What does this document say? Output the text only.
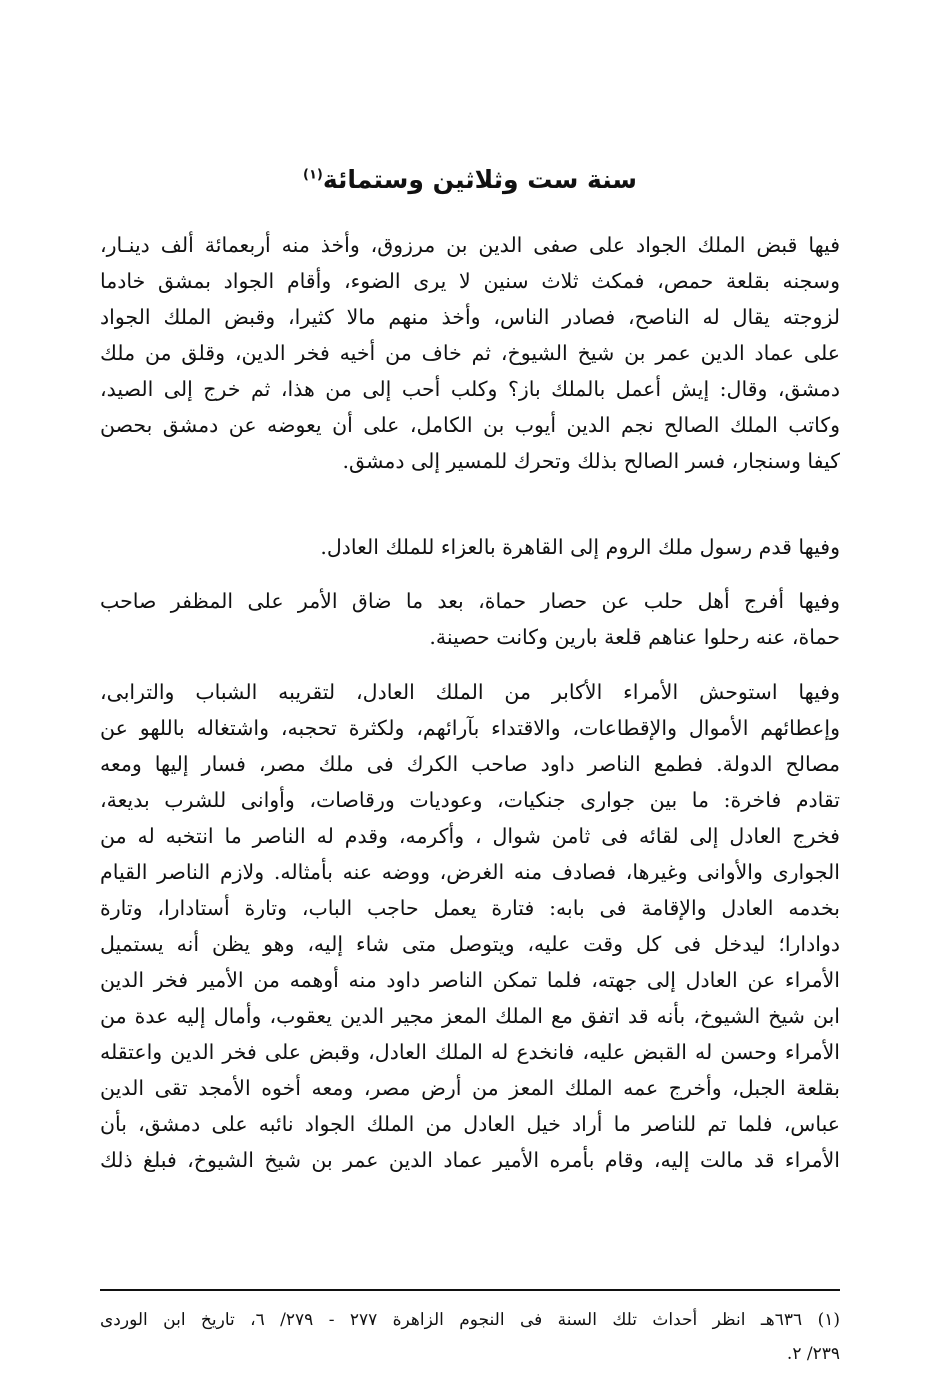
سنة ست وثلاثين وستمائة$^{(١)}$
فيها قبض الملك الجواد على صفى الدين بن مرزوق، وأخذ منه أربعمائة ألف دينـار،
وسجنه بقلعة حمص، فمكث ثلاث سنين لا يرى الضوء، وأقام الجواد بمشق خادما
لزوجته يقال له الناصح، فصادر الناس، وأخذ منهم مالا كثيرا، وقبض الملك الجواد
على عماد الدين عمر بن شيخ الشيوخ، ثم خاف من أخيه فخر الدين، وقلق من ملك
دمشق، وقال: إيش أعمل بالملك باز؟ وكلب أحب إلى من هذا، ثم خرج إلى الصيد،
وكاتب الملك الصالح نجم الدين أيوب بن الكامل، على أن يعوضه عن دمشق بحصن
كيفا وسنجار، فسر الصالح بذلك وتحرك للمسير إلى دمشق.
وفيها قدم رسول ملك الروم إلى القاهرة بالعزاء للملك العادل.
وفيها أفرج أهل حلب عن حصار حماة، بعد ما ضاق الأمر على المظفر صاحب
حماة، عنه رحلوا عناهم قلعة بارين وكانت حصينة.
وفيها استوحش الأمراء الأكابر من الملك العادل، لتقريبه الشباب والترابى،
وإعطائهم الأموال والإقطاعات، والاقتداء بآرائهم، ولكثرة تحجبه، واشتغاله باللهو عن
مصالح الدولة. فطمع الناصر داود صاحب الكرك فى ملك مصر، فسار إليها ومعه
تقادم فاخرة: ما بين جوارى جنكيات، وعوديات ورقاصات، وأوانى للشرب بديعة،
فخرج العادل إلى لقائه فى ثامن شوال ، وأكرمه، وقدم له الناصر ما انتخبه له من
الجوارى والأوانى وغيرها، فصادف منه الغرض، ووضه عنه بأمثاله. ولازم الناصر القيام
بخدمه العادل والإقامة فى بابه: فتارة يعمل حاجب الباب، وتارة أستادارا، وتارة
دوادارا؛ ليدخل فى كل وقت عليه، ويتوصل متى شاء إليه، وهو يظن أنه يستميل
الأمراء عن العادل إلى جهته، فلما تمكن الناصر داود منه أوهمه من الأمير فخر الدين
ابن شيخ الشيوخ، بأنه قد اتفق مع الملك المعز مجير الدين يعقوب، وأمال إليه عدة من
الأمراء وحسن له القبض عليه، فانخدع له الملك العادل، وقبض على فخر الدين واعتقله
بقلعة الجبل، وأخرج عمه الملك المعز من أرض مصر، ومعه أخوه الأمجد تقى الدين
عباس، فلما تم للناصر ما أراد خيل العادل من الملك الجواد نائبه على دمشق، بأن
الأمراء قد مالت إليه، وقام بأمره الأمير عماد الدين عمر بن شيخ الشيوخ، فبلغ ذلك
(١) ٦٣٦هـ انظر أحداث تلك السنة فى النجوم الزاهرة ٢٧٧ - ٢٧٩/ ٦، تاريخ ابن الوردى
٢٣٩/ ٢.
